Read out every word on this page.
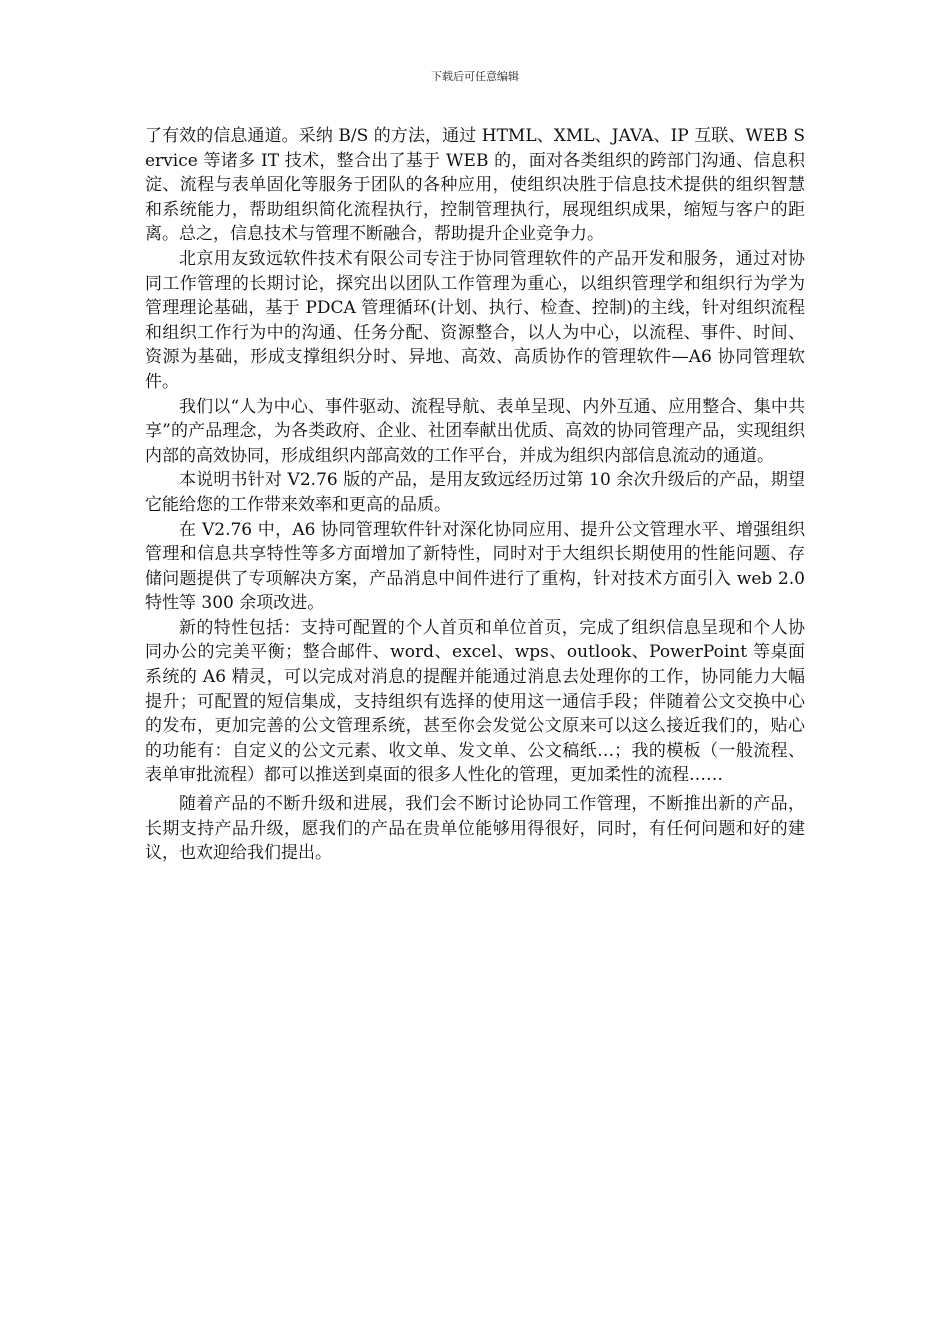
下载后可任意编辑

了有效的信息通道。采纳 B/S 的方法，通过 HTML、XML、JAVA、IP 互联、WEB Service 等诸多 IT 技术，整合出了基于 WEB 的，面对各类组织的跨部门沟通、信息积淀、流程与表单固化等服务于团队的各种应用，使组织决胜于信息技术提供的组织智慧和系统能力，帮助组织简化流程执行，控制管理执行，展现组织成果，缩短与客户的距离。总之，信息技术与管理不断融合，帮助提升企业竞争力。

北京用友致远软件技术有限公司专注于协同管理软件的产品开发和服务，通过对协同工作管理的长期讨论，探究出以团队工作管理为重心，以组织管理学和组织行为学为管理理论基础，基于 PDCA 管理循环(计划、执行、检查、控制)的主线，针对组织流程和组织工作行为中的沟通、任务分配、资源整合，以人为中心，以流程、事件、时间、资源为基础，形成支撑组织分时、异地、高效、高质协作的管理软件—A6 协同管理软件。

我们以“人为中心、事件驱动、流程导航、表单呈现、内外互通、应用整合、集中共享”的产品理念，为各类政府、企业、社团奉献出优质、高效的协同管理产品，实现组织内部的高效协同，形成组织内部高效的工作平台，并成为组织内部信息流动的通道。

本说明书针对 V2.76 版的产品，是用友致远经历过第 10 余次升级后的产品，期望它能给您的工作带来效率和更高的品质。

在 V2.76 中，A6 协同管理软件针对深化协同应用、提升公文管理水平、增强组织管理和信息共享特性等多方面增加了新特性，同时对于大组织长期使用的性能问题、存储问题提供了专项解决方案，产品消息中间件进行了重构，针对技术方面引入 web 2.0 特性等 300 余项改进。

新的特性包括：支持可配置的个人首页和单位首页，完成了组织信息呈现和个人协同办公的完美平衡；整合邮件、word、excel、wps、outlook、PowerPoint 等桌面系统的 A6 精灵，可以完成对消息的提醒并能通过消息去处理你的工作，协同能力大幅提升；可配置的短信集成，支持组织有选择的使用这一通信手段；伴随着公文交换中心的发布，更加完善的公文管理系统，甚至你会发觉公文原来可以这么接近我们的，贴心的功能有：自定义的公文元素、收文单、发文单、公文稿纸…；我的模板（一般流程、表单审批流程）都可以推送到桌面的很多人性化的管理，更加柔性的流程……

随着产品的不断升级和进展，我们会不断讨论协同工作管理，不断推出新的产品，长期支持产品升级，愿我们的产品在贵单位能够用得很好，同时，有任何问题和好的建议，也欢迎给我们提出。
